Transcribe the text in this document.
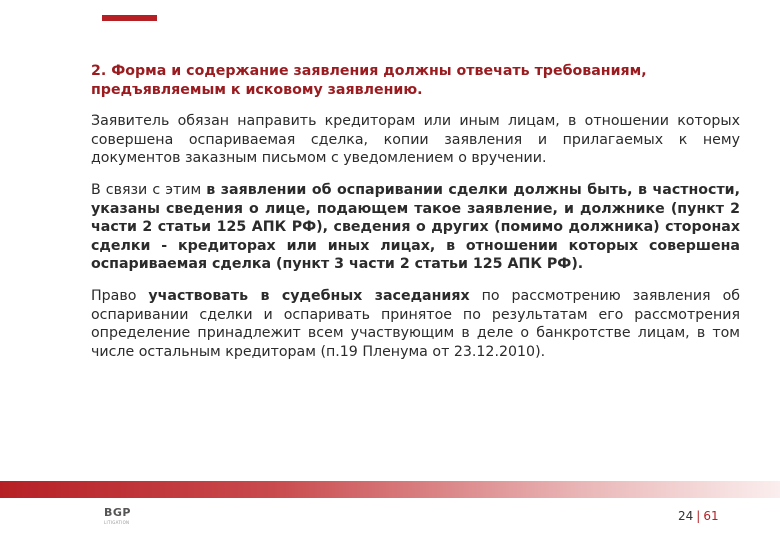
2. Форма и содержание заявления должны отвечать требованиям, предъявляемым к исковому заявлению.

Заявитель обязан направить кредиторам или иным лицам, в отношении которых совершена оспариваемая сделка, копии заявления и прилагаемых к нему документов заказным письмом с уведомлением о вручении.

В связи с этим в заявлении об оспаривании сделки должны быть, в частности, указаны сведения о лице, подающем такое заявление, и должнике (пункт 2 части 2 статьи 125 АПК РФ), сведения о других (помимо должника) сторонах сделки - кредиторах или иных лицах, в отношении которых совершена оспариваемая сделка (пункт 3 части 2 статьи 125 АПК РФ).

Право участвовать в судебных заседаниях по рассмотрению заявления об оспаривании сделки и оспаривать принятое по результатам его рассмотрения определение принадлежит всем участвующим в деле о банкротстве лицам, в том числе остальным кредиторам (п.19 Пленума от 23.12.2010).

BGP
LITIGATION	24 | 61
